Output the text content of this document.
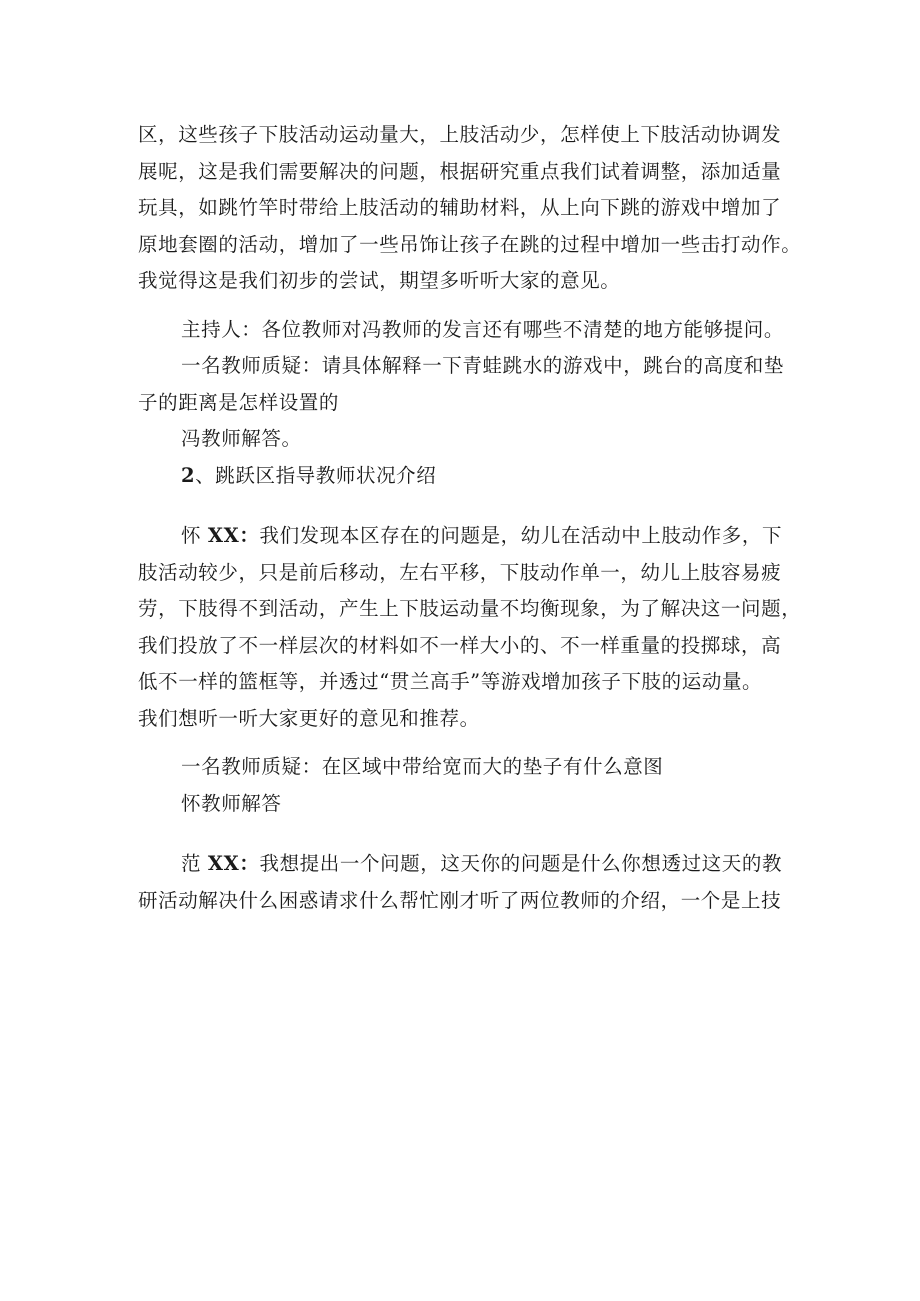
区，这些孩子下肢活动运动量大，上肢活动少，怎样使上下肢活动协调发
展呢，这是我们需要解决的问题，根据研究重点我们试着调整，添加适量
玩具，如跳竹竿时带给上肢活动的辅助材料，从上向下跳的游戏中增加了
原地套圈的活动，增加了一些吊饰让孩子在跳的过程中增加一些击打动作。
我觉得这是我们初步的尝试，期望多听听大家的意见。

主持人：各位教师对冯教师的发言还有哪些不清楚的地方能够提问。

一名教师质疑：请具体解释一下青蛙跳水的游戏中，跳台的高度和垫
子的距离是怎样设置的

冯教师解答。

2、跳跃区指导教师状况介绍

怀 XX：我们发现本区存在的问题是，幼儿在活动中上肢动作多，下
肢活动较少，只是前后移动，左右平移，下肢动作单一，幼儿上肢容易疲
劳，下肢得不到活动，产生上下肢运动量不均衡现象，为了解决这一问题，
我们投放了不一样层次的材料如不一样大小的、不一样重量的投掷球，高
低不一样的篮框等，并透过“贯兰高手”等游戏增加孩子下肢的运动量。
我们想听一听大家更好的意见和推荐。

一名教师质疑：在区域中带给宽而大的垫子有什么意图

怀教师解答

范 XX：我想提出一个问题，这天你的问题是什么你想透过这天的教
研活动解决什么困惑请求什么帮忙刚才听了两位教师的介绍，一个是上技
